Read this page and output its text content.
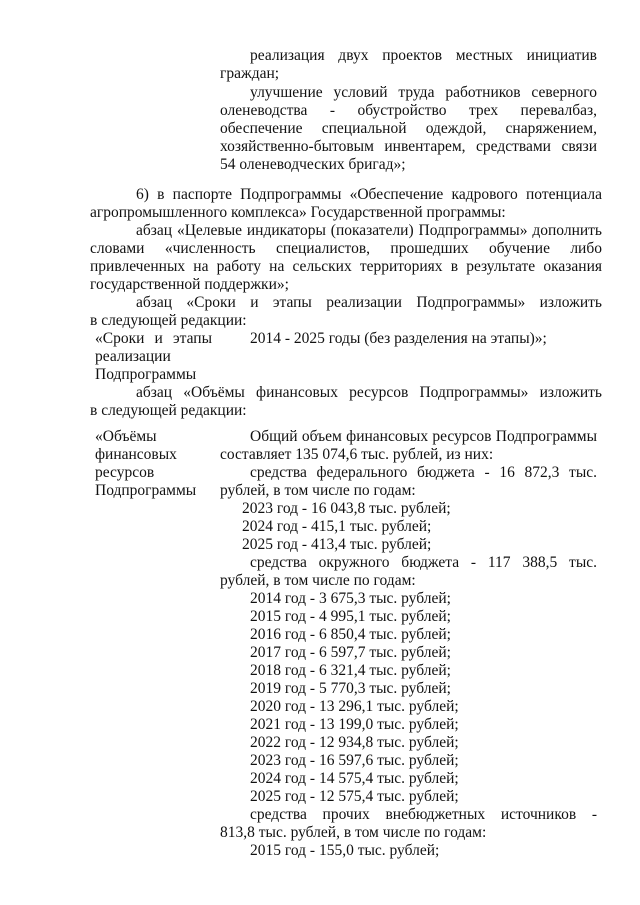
реализация двух проектов местных инициатив
граждан;
улучшение условий труда работников северного
оленеводства - обустройство трех перевалбаз,
обеспечение специальной одеждой, снаряжением,
хозяйственно-бытовым инвентарем, средствами связи
54 оленеводческих бригад»;
6) в паспорте Подпрограммы «Обеспечение кадрового потенциала
агропромышленного комплекса» Государственной программы:
абзац «Целевые индикаторы (показатели) Подпрограммы» дополнить
словами «численность специалистов, прошедших обучение либо
привлеченных на работу на сельских территориях в результате оказания
государственной поддержки»;
абзац «Сроки и этапы реализации Подпрограммы» изложить
в следующей редакции:
«Сроки и этапы
реализации
Подпрограммы
2014 - 2025 годы (без разделения на этапы)»;
абзац «Объёмы финансовых ресурсов Подпрограммы» изложить
в следующей редакции:
«Объёмы
финансовых
ресурсов
Подпрограммы
Общий объем финансовых ресурсов Подпрограммы
составляет 135 074,6 тыс. рублей, из них:
средства федерального бюджета - 16 872,3 тыс.
рублей, в том числе по годам:
2023 год - 16 043,8 тыс. рублей;
2024 год - 415,1 тыс. рублей;
2025 год - 413,4 тыс. рублей;
средства окружного бюджета - 117 388,5 тыс.
рублей, в том числе по годам:
2014 год - 3 675,3 тыс. рублей;
2015 год - 4 995,1 тыс. рублей;
2016 год - 6 850,4 тыс. рублей;
2017 год - 6 597,7 тыс. рублей;
2018 год - 6 321,4 тыс. рублей;
2019 год - 5 770,3 тыс. рублей;
2020 год - 13 296,1 тыс. рублей;
2021 год - 13 199,0 тыс. рублей;
2022 год - 12 934,8 тыс. рублей;
2023 год - 16 597,6 тыс. рублей;
2024 год - 14 575,4 тыс. рублей;
2025 год - 12 575,4 тыс. рублей;
средства прочих внебюджетных источников -
813,8 тыс. рублей, в том числе по годам:
2015 год - 155,0 тыс. рублей;
